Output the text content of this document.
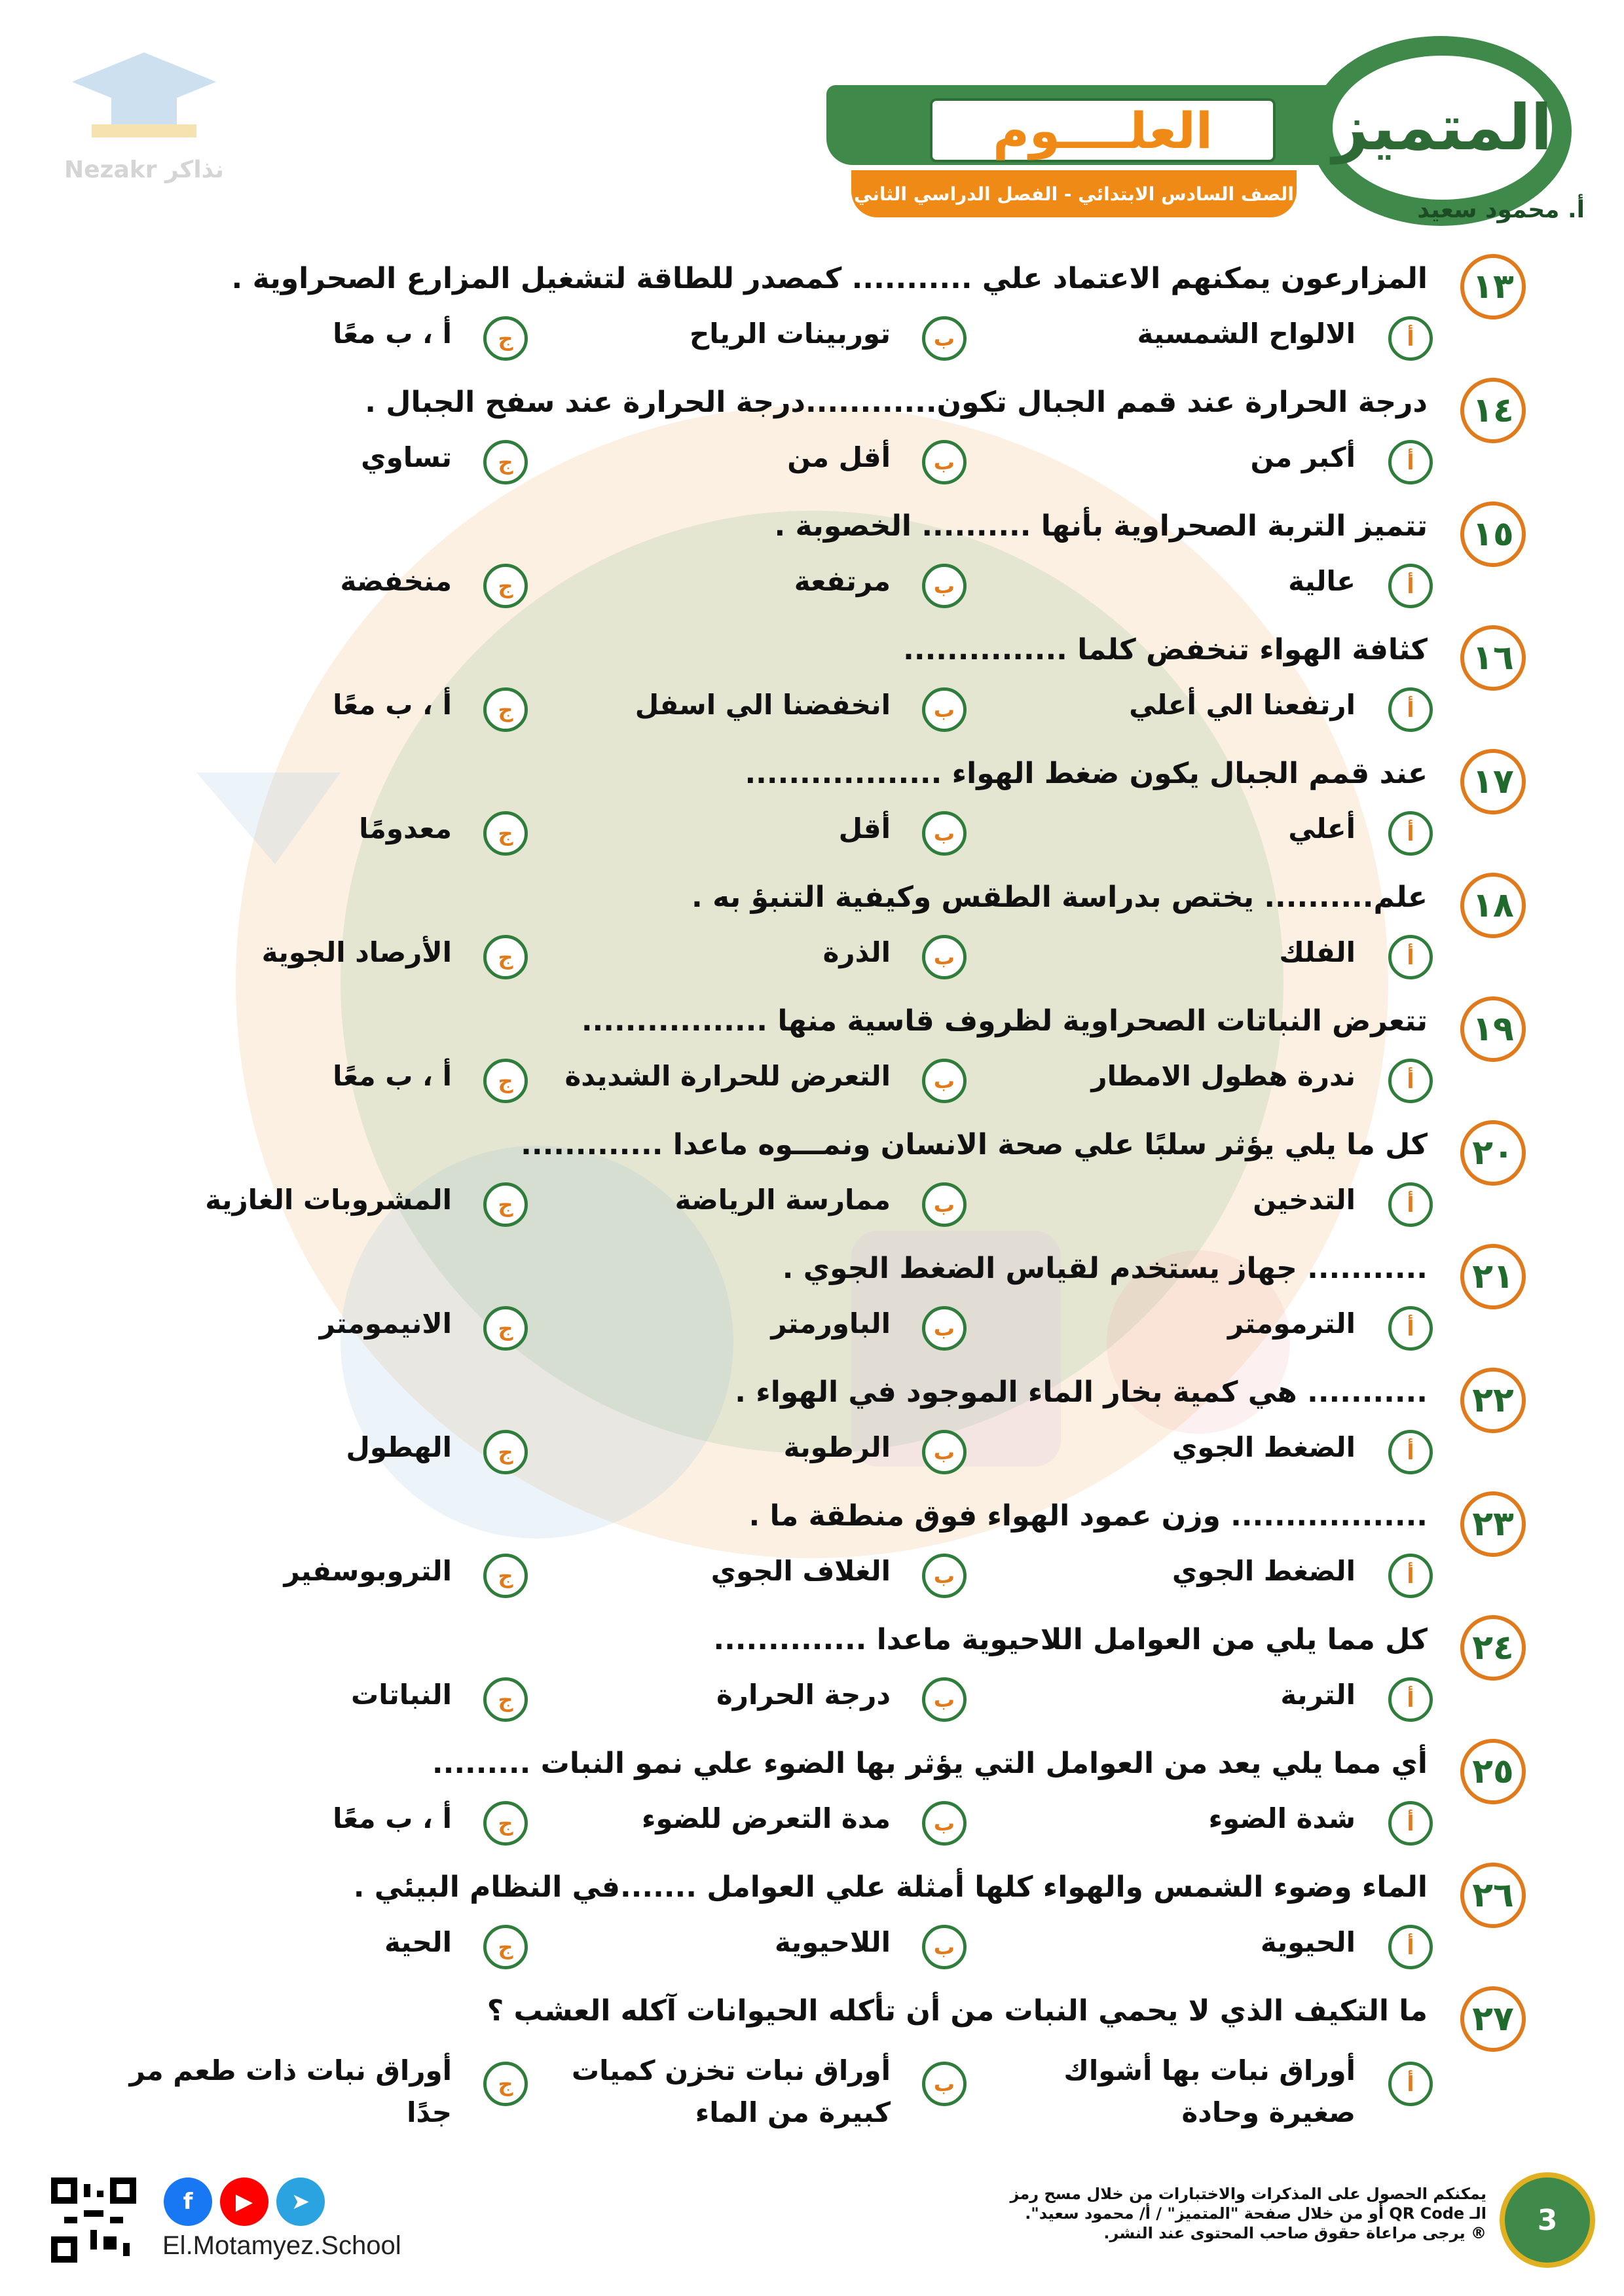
Nezakr نذاكر
العلــــوم
الصف السادس الابتدائي - الفصل الدراسي الثاني
المتميز
أ. محمود سعيد
١٣
المزارعون يمكنهم الاعتماد علي ........... كمصدر للطاقة لتشغيل المزارع الصحراوية .
أ
الالواح الشمسية
ب
توربينات الرياح
ج
أ ، ب معًا
١٤
درجة الحرارة عند قمم الجبال تكون............درجة الحرارة عند سفح الجبال .
أ
أكبر من
ب
أقل من
ج
تساوي
١٥
تتميز التربة الصحراوية بأنها .......... الخصوبة .
أ
عالية
ب
مرتفعة
ج
منخفضة
١٦
كثافة الهواء تنخفض كلما ...............
أ
ارتفعنا الي أعلي
ب
انخفضنا الي اسفل
ج
أ ، ب معًا
١٧
عند قمم الجبال يكون ضغط الهواء ..................
أ
أعلي
ب
أقل
ج
معدومًا
١٨
علم.......... يختص بدراسة الطقس وكيفية التنبؤ به .
أ
الفلك
ب
الذرة
ج
الأرصاد الجوية
١٩
تتعرض النباتات الصحراوية لظروف قاسية منها .................
أ
ندرة هطول الامطار
ب
التعرض للحرارة الشديدة
ج
أ ، ب معًا
٢٠
كل ما يلي يؤثر سلبًا علي صحة الانسان ونمـــوه ماعدا .............
أ
التدخين
ب
ممارسة الرياضة
ج
المشروبات الغازية
٢١
........... جهاز يستخدم لقياس الضغط الجوي .
أ
الترمومتر
ب
الباورمتر
ج
الانيمومتر
٢٢
........... هي كمية بخار الماء الموجود في الهواء .
أ
الضغط الجوي
ب
الرطوبة
ج
الهطول
٢٣
.................. وزن عمود الهواء فوق منطقة ما .
أ
الضغط الجوي
ب
الغلاف الجوي
ج
التروبوسفير
٢٤
كل مما يلي من العوامل اللاحيوية ماعدا ..............
أ
التربة
ب
درجة الحرارة
ج
النباتات
٢٥
أي مما يلي يعد من العوامل التي يؤثر بها الضوء علي نمو النبات .........
أ
شدة الضوء
ب
مدة التعرض للضوء
ج
أ ، ب معًا
٢٦
الماء وضوء الشمس والهواء كلها أمثلة علي العوامل .......في النظام البيئي .
أ
الحيوية
ب
اللاحيوية
ج
الحية
٢٧
ما التكيف الذي لا يحمي النبات من أن تأكله الحيوانات آكله العشب ؟
أ
أوراق نبات بها أشواك صغيرة وحادة
ب
أوراق نبات تخزن كميات كبيرة من الماء
ج
أوراق نبات ذات طعم مر جدًا
f	▶	➤
El.Motamyez.School
يمكنكم الحصول على المذكرات والاختبارات من خلال مسح رمز
الـ QR Code أو من خلال صفحة "المتميز" / أ/ محمود سعيد".
® يرجى مراعاة حقوق صاحب المحتوى عند النشر.	3
